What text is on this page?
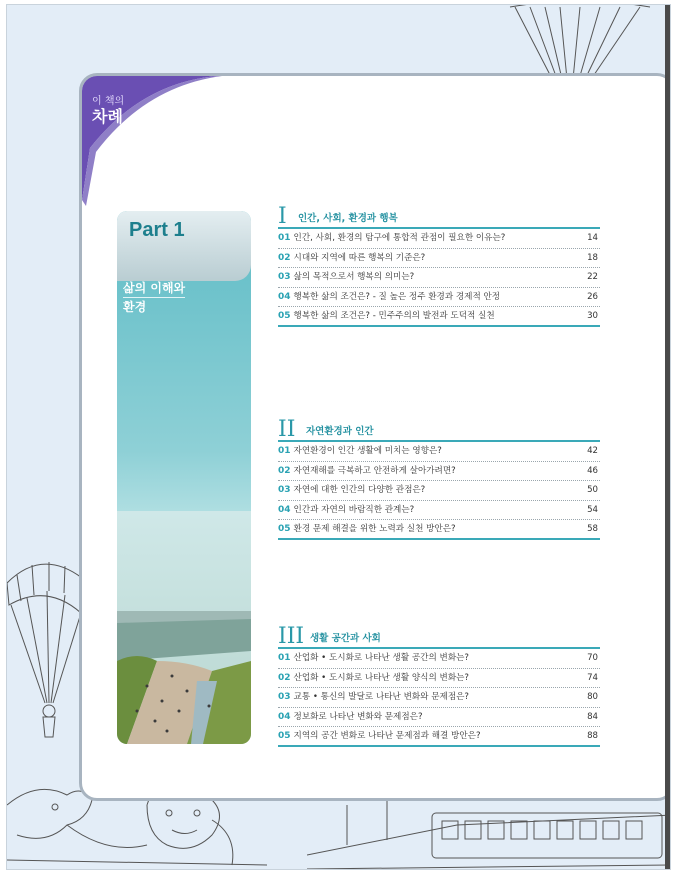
이 책의
차례
Part 1
삶의 이해와
환경
I 인간, 사회, 환경과 행복
01 인간, 사회, 환경의 탐구에 통합적 관점이 필요한 이유는?	14
02 시대와 지역에 따른 행복의 기준은?	18
03 삶의 목적으로서 행복의 의미는?	22
04 행복한 삶의 조건은? - 질 높은 정주 환경과 경제적 안정	26
05 행복한 삶의 조건은? - 민주주의의 발전과 도덕적 실천	30
II 자연환경과 인간
01 자연환경이 인간 생활에 미치는 영향은?	42
02 자연재해를 극복하고 안전하게 살아가려면?	46
03 자연에 대한 인간의 다양한 관점은?	50
04 인간과 자연의 바람직한 관계는?	54
05 환경 문제 해결을 위한 노력과 실천 방안은?	58
III 생활 공간과 사회
01 산업화 • 도시화로 나타난 생활 공간의 변화는?	70
02 산업화 • 도시화로 나타난 생활 양식의 변화는?	74
03 교통 • 통신의 발달로 나타난 변화와 문제점은?	80
04 정보화로 나타난 변화와 문제점은?	84
05 지역의 공간 변화로 나타난 문제점과 해결 방안은?	88
